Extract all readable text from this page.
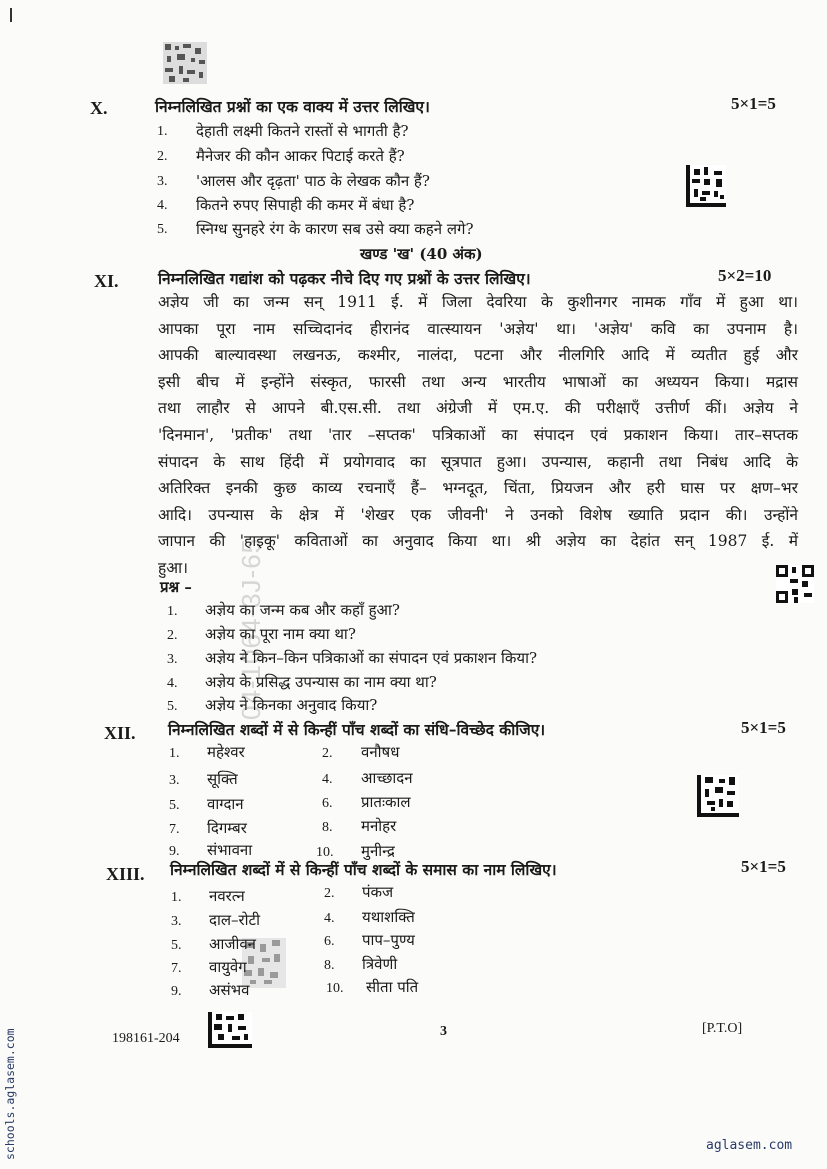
04-1064-3J-65
X.	निम्नलिखित प्रश्नों का एक वाक्य में उत्तर लिखिए।	5×1=5
1. देहाती लक्ष्मी कितने रास्तों से भागती है?
2. मैनेजर की कौन आकर पिटाई करते हैं?
3. 'आलस और दृढ़ता' पाठ के लेखक कौन हैं?
4. कितने रुपए सिपाही की कमर में बंधा है?
5. स्निग्ध सुनहरे रंग के कारण सब उसे क्या कहने लगे?
खण्ड 'ख' (40 अंक)
XI.	निम्नलिखित गद्यांश को पढ़कर नीचे दिए गए प्रश्नों के उत्तर लिखिए।	5×2=10
अज्ञेय जी का जन्म सन् 1911 ई. में जिला देवरिया के कुशीनगर नामक गाँव में हुआ था।
आपका पूरा नाम सच्चिदानंद हीरानंद वात्स्यायन 'अज्ञेय' था। 'अज्ञेय' कवि का उपनाम है।
आपकी बाल्यावस्था लखनऊ, कश्मीर, नालंदा, पटना और नीलगिरि आदि में व्यतीत हुई और
इसी बीच में इन्होंने संस्कृत, फारसी तथा अन्य भारतीय भाषाओं का अध्ययन किया। मद्रास
तथा लाहौर से आपने बी.एस.सी. तथा अंग्रेजी में एम.ए. की परीक्षाएँ उत्तीर्ण कीं। अज्ञेय ने
'दिनमान', 'प्रतीक' तथा 'तार –सप्तक' पत्रिकाओं का संपादन एवं प्रकाशन किया। तार–सप्तक
संपादन के साथ हिंदी में प्रयोगवाद का सूत्रपात हुआ। उपन्यास, कहानी तथा निबंध आदि के
अतिरिक्त इनकी कुछ काव्य रचनाएँ हैं– भग्नदूत, चिंता, प्रियजन और हरी घास पर क्षण–भर
आदि। उपन्यास के क्षेत्र में 'शेखर एक जीवनी' ने उनको विशेष ख्याति प्रदान की। उन्होंने
जापान की 'हाइकू' कविताओं का अनुवाद किया था। श्री अज्ञेय का देहांत सन् 1987 ई. में
हुआ।
प्रश्न –
1. अज्ञेय का जन्म कब और कहाँ हुआ?
2. अज्ञेय का पूरा नाम क्या था?
3. अज्ञेय ने किन–किन पत्रिकाओं का संपादन एवं प्रकाशन किया?
4. अज्ञेय के प्रसिद्ध उपन्यास का नाम क्या था?
5. अज्ञेय ने किनका अनुवाद किया?
XII. निम्नलिखित शब्दों में से किन्हीं पाँच शब्दों का संधि–विच्छेद कीजिए।	5×1=5
1. महेश्वर	2. वनौषध
3. सूक्ति	4. आच्छादन
5. वाग्दान	6. प्रातःकाल
7. दिगम्बर	8. मनोहर
9. संभावना	10. मुनीन्द्र
XIII. निम्नलिखित शब्दों में से किन्हीं पाँच शब्दों के समास का नाम लिखिए।	5×1=5
1. नवरत्न	2. पंकज
3. दाल–रोटी	4. यथाशक्ति
5. आजीवन	6. पाप–पुण्य
7. वायुवेग	8. त्रिवेणी
9. असंभव	10. सीता पति
198161-204	3	[P.T.O]
aglasem.com
schools.aglasem.com
